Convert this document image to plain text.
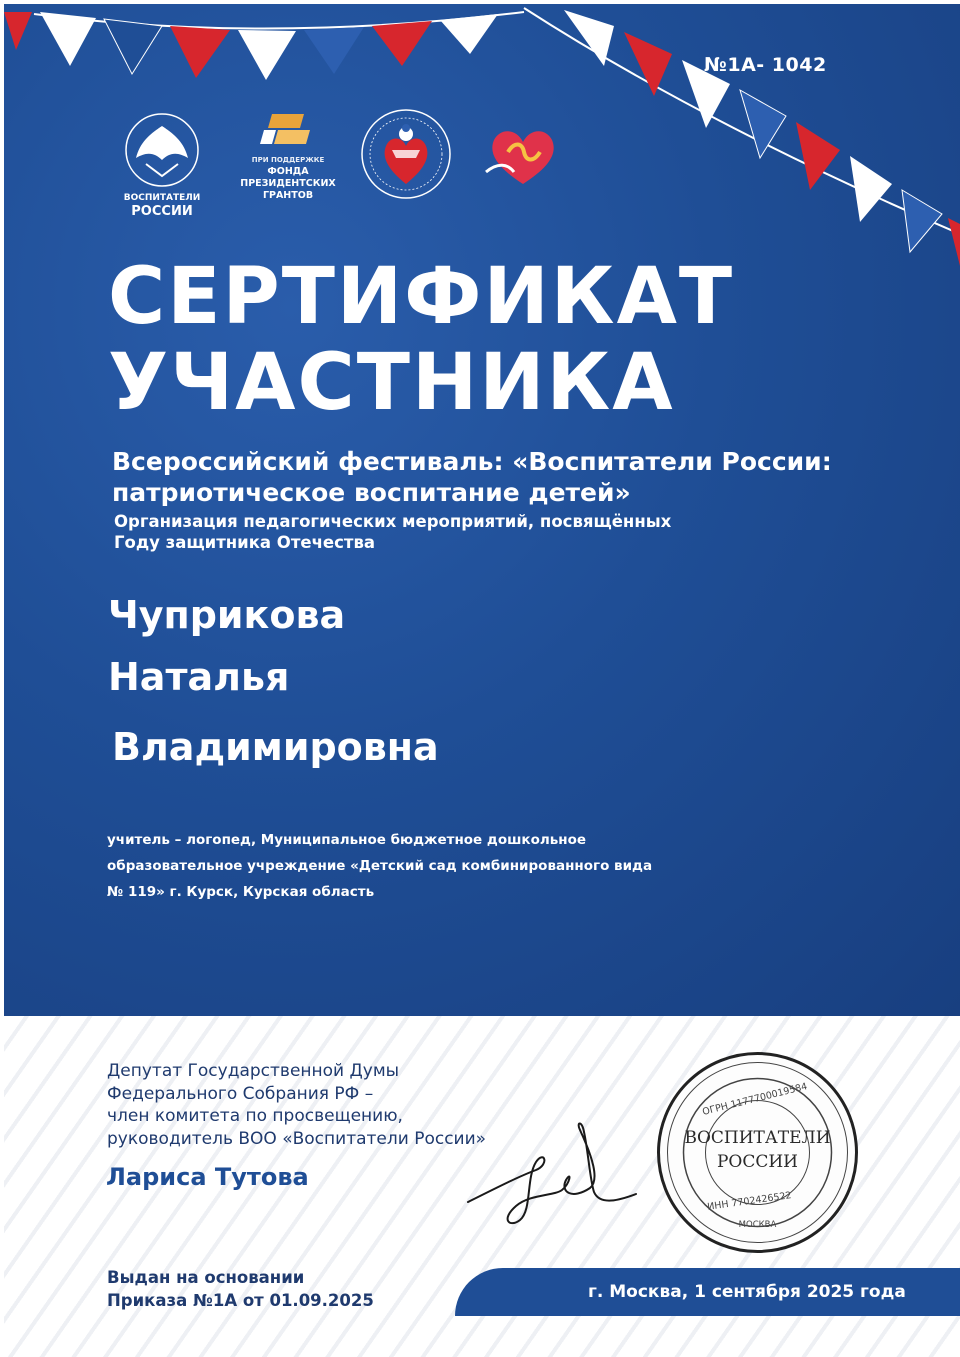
№1А- 1042
ВОСПИТАТЕЛИ
РОССИИ
ПРИ ПОДДЕРЖКЕ
ФОНДА
ПРЕЗИДЕНТСКИХ
ГРАНТОВ
СЕРТИФИКАТ
УЧАСТНИКА
Всероссийский фестиваль: «Воспитатели России:
патриотическое воспитание детей»
Организация педагогических мероприятий, посвящённых
Году защитника Отечества
Чуприкова
Наталья
Владимировна
учитель – логопед, Муниципальное бюджетное дошкольное
образовательное учреждение «Детский сад комбинированного вида
№ 119» г. Курск, Курская область
Депутат Государственной Думы
Федерального Собрания РФ –
член комитета по просвещению,
руководитель ВОО «Воспитатели России»
Лариса Тутова
ОГРН 1177700019584
ВОСПИТАТЕЛИ
РОССИИ
ИНН 7702426522
МОСКВА
Выдан на основании
Приказа №1А от 01.09.2025	г. Москва, 1 сентября 2025 года
